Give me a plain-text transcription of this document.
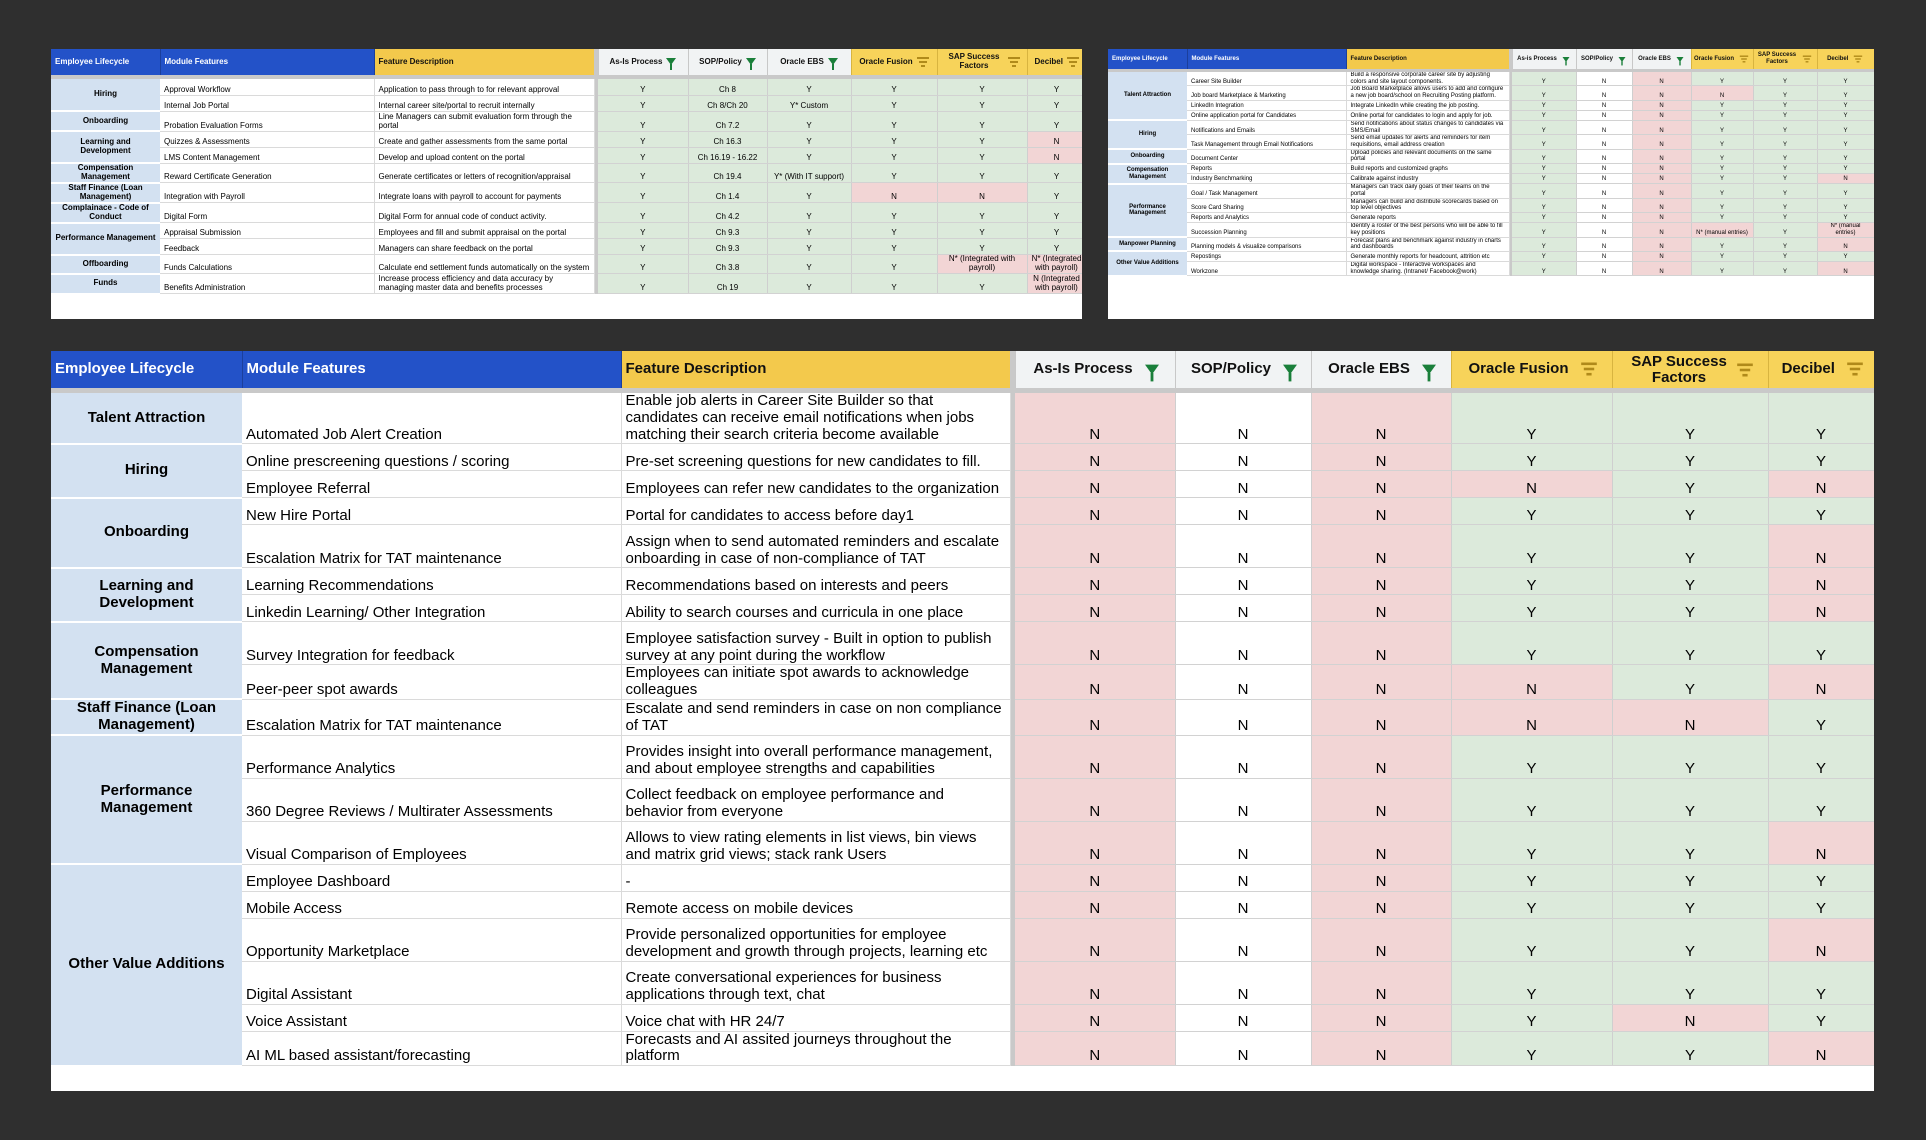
Employee Lifecycle	Module Features	Feature Description		As-Is Process	SOP/Policy	Oracle EBS	Oracle Fusion	SAP Success Factors	Decibel

Hiring	Approval Workflow	Application to pass through to for relevant approval		Y	Ch 8	Y	Y	Y	Y
	Internal Job Portal	Internal career site/portal to recruit internally		Y	Ch 8/Ch 20	Y* Custom	Y	Y	Y
Onboarding	Probation Evaluation Forms	Line Managers can submit evaluation form through the portal		Y	Ch 7.2	Y	Y	Y	Y
Learning and Development	Quizzes & Assessments	Create and gather assessments from the same portal		Y	Ch 16.3	Y	Y	Y	N
	LMS Content Management	Develop and upload content on the portal		Y	Ch 16.19 - 16.22	Y	Y	Y	N
Compensation Management	Reward Certificate Generation	Generate certificates or letters of recognition/appraisal		Y	Ch 19.4	Y* (With IT support)	Y	Y	Y
Staff Finance (Loan Management)	Integration with Payroll	Integrate loans with payroll to account for payments		Y	Ch 1.4	Y	N	N	Y
Complainace - Code of Conduct	Digital Form	Digital Form for annual code of conduct activity.		Y	Ch 4.2	Y	Y	Y	Y
Performance Management	Appraisal Submission	Employees and fill and submit appraisal on the portal		Y	Ch 9.3	Y	Y	Y	Y
	Feedback	Managers can share feedback on the portal		Y	Ch 9.3	Y	Y	Y	Y
Offboarding	Funds Calculations	Calculate end settlement funds automatically on the system		Y	Ch 3.8	Y	Y	N* (Integrated with payroll)	N* (Integrated with payroll)
Funds	Benefits Administration	Increase process efficiency and data accuracy by managing master data and benefits processes		Y	Ch 19	Y	Y	Y	N (Integrated with payroll)
Employee Lifecycle	Module Features	Feature Description		As-is Process	SOP/Policy	Oracle EBS	Oracle Fusion	SAP Success Factors	Decibel

Talent Attraction	Career Site Builder	Build a responsive corporate career site by adjusting colors and site layout components.		Y	N	N	Y	Y	Y
	Job board Marketplace & Marketing	Job Board Marketplace allows users to add and configure a new job board/school on Recruiting Posting platform.		Y	N	N	N	Y	Y
	LinkedIn Integration	Integrate LinkedIn while creating the job posting.		Y	N	N	Y	Y	Y
	Online application portal for Candidates	Online portal for candidates to login and apply for job.		Y	N	N	Y	Y	Y
Hiring	Notifications and Emails	Send notifications about status changes to candidates via SMS/Email		Y	N	N	Y	Y	Y
	Task Management through Email Notifications	Send email updates for alerts and reminders for item requisitions, email address creation		Y	N	N	Y	Y	Y
Onboarding	Document Center	Upload policies and relevant documents on the same portal		Y	N	N	Y	Y	Y
Compensation Management	Reports	Build reports and customized graphs		Y	N	N	Y	Y	Y
	Industry Benchmarking	Calibrate against industry		Y	N	N	Y	Y	N
Performance Management	Goal / Task Management	Managers can track daily goals of their teams on the portal		Y	N	N	Y	Y	Y
	Score Card Sharing	Managers can build and distribute scorecards based on top level objectives		Y	N	N	Y	Y	Y
	Reports and Analytics	Generate reports		Y	N	N	Y	Y	Y
	Succession Planning	Identify a roster of the best persons who will be able to fill key positions		Y	N	N	N* (manual entries)	Y	N* (manual entries)
Manpower Planning	Planning models & visualize comparisons	Forecast plans and benchmark against industry in charts and dashboards		Y	N	N	Y	Y	N
Other Value Additions	Repostings	Generate monthly reports for headcount, attrition etc		Y	N	N	Y	Y	Y
	Workzone	Digital workspace - Interactive workspaces and knowledge sharing. (Intranet/ Facebook@work)		Y	N	N	Y	Y	N
Employee Lifecycle	Module Features	Feature Description		As-Is Process	SOP/Policy	Oracle EBS	Oracle Fusion	SAP Success Factors	Decibel

Talent Attraction	Automated Job Alert Creation	Enable job alerts in Career Site Builder so that candidates can receive email notifications when jobs matching their search criteria become available		N	N	N	Y	Y	Y
Hiring	Online prescreening questions / scoring	Pre-set screening questions for new candidates to fill.		N	N	N	Y	Y	Y
	Employee Referral	Employees can refer new candidates to the organization		N	N	N	N	Y	N
Onboarding	New Hire Portal	Portal for candidates to access before day1		N	N	N	Y	Y	Y
	Escalation Matrix for TAT maintenance	Assign when to send automated reminders and escalate onboarding in case of non-compliance of TAT		N	N	N	Y	Y	N
Learning and Development	Learning Recommendations	Recommendations based on interests and peers		N	N	N	Y	Y	N
	Linkedin Learning/ Other Integration	Ability to search courses and curricula in one place		N	N	N	Y	Y	N
Compensation Management	Survey Integration for feedback	Employee satisfaction survey - Built in option to publish survey at any point during the workflow		N	N	N	Y	Y	Y
	Peer-peer spot awards	Employees can initiate spot awards to acknowledge colleagues		N	N	N	N	Y	N
Staff Finance (Loan Management)	Escalation Matrix for TAT maintenance	Escalate and send reminders in case on non compliance of TAT		N	N	N	N	N	Y
Performance Management	Performance Analytics	Provides insight into overall performance management, and about employee strengths and capabilities		N	N	N	Y	Y	Y
	360 Degree Reviews / Multirater Assessments	Collect feedback on employee performance and behavior from everyone		N	N	N	Y	Y	Y
	Visual Comparison of Employees	Allows to view rating elements in list views, bin views and matrix grid views; stack rank Users		N	N	N	Y	Y	N
Other Value Additions	Employee Dashboard	-		N	N	N	Y	Y	Y
	Mobile Access	Remote access on mobile devices		N	N	N	Y	Y	Y
	Opportunity Marketplace	Provide personalized opportunities for employee development and growth through projects, learning etc		N	N	N	Y	Y	N
	Digital Assistant	Create conversational experiences for business applications through text, chat		N	N	N	Y	Y	Y
	Voice Assistant	Voice chat with HR 24/7		N	N	N	Y	N	Y
	AI ML based assistant/forecasting	Forecasts and AI assited journeys throughout the platform		N	N	N	Y	Y	N
